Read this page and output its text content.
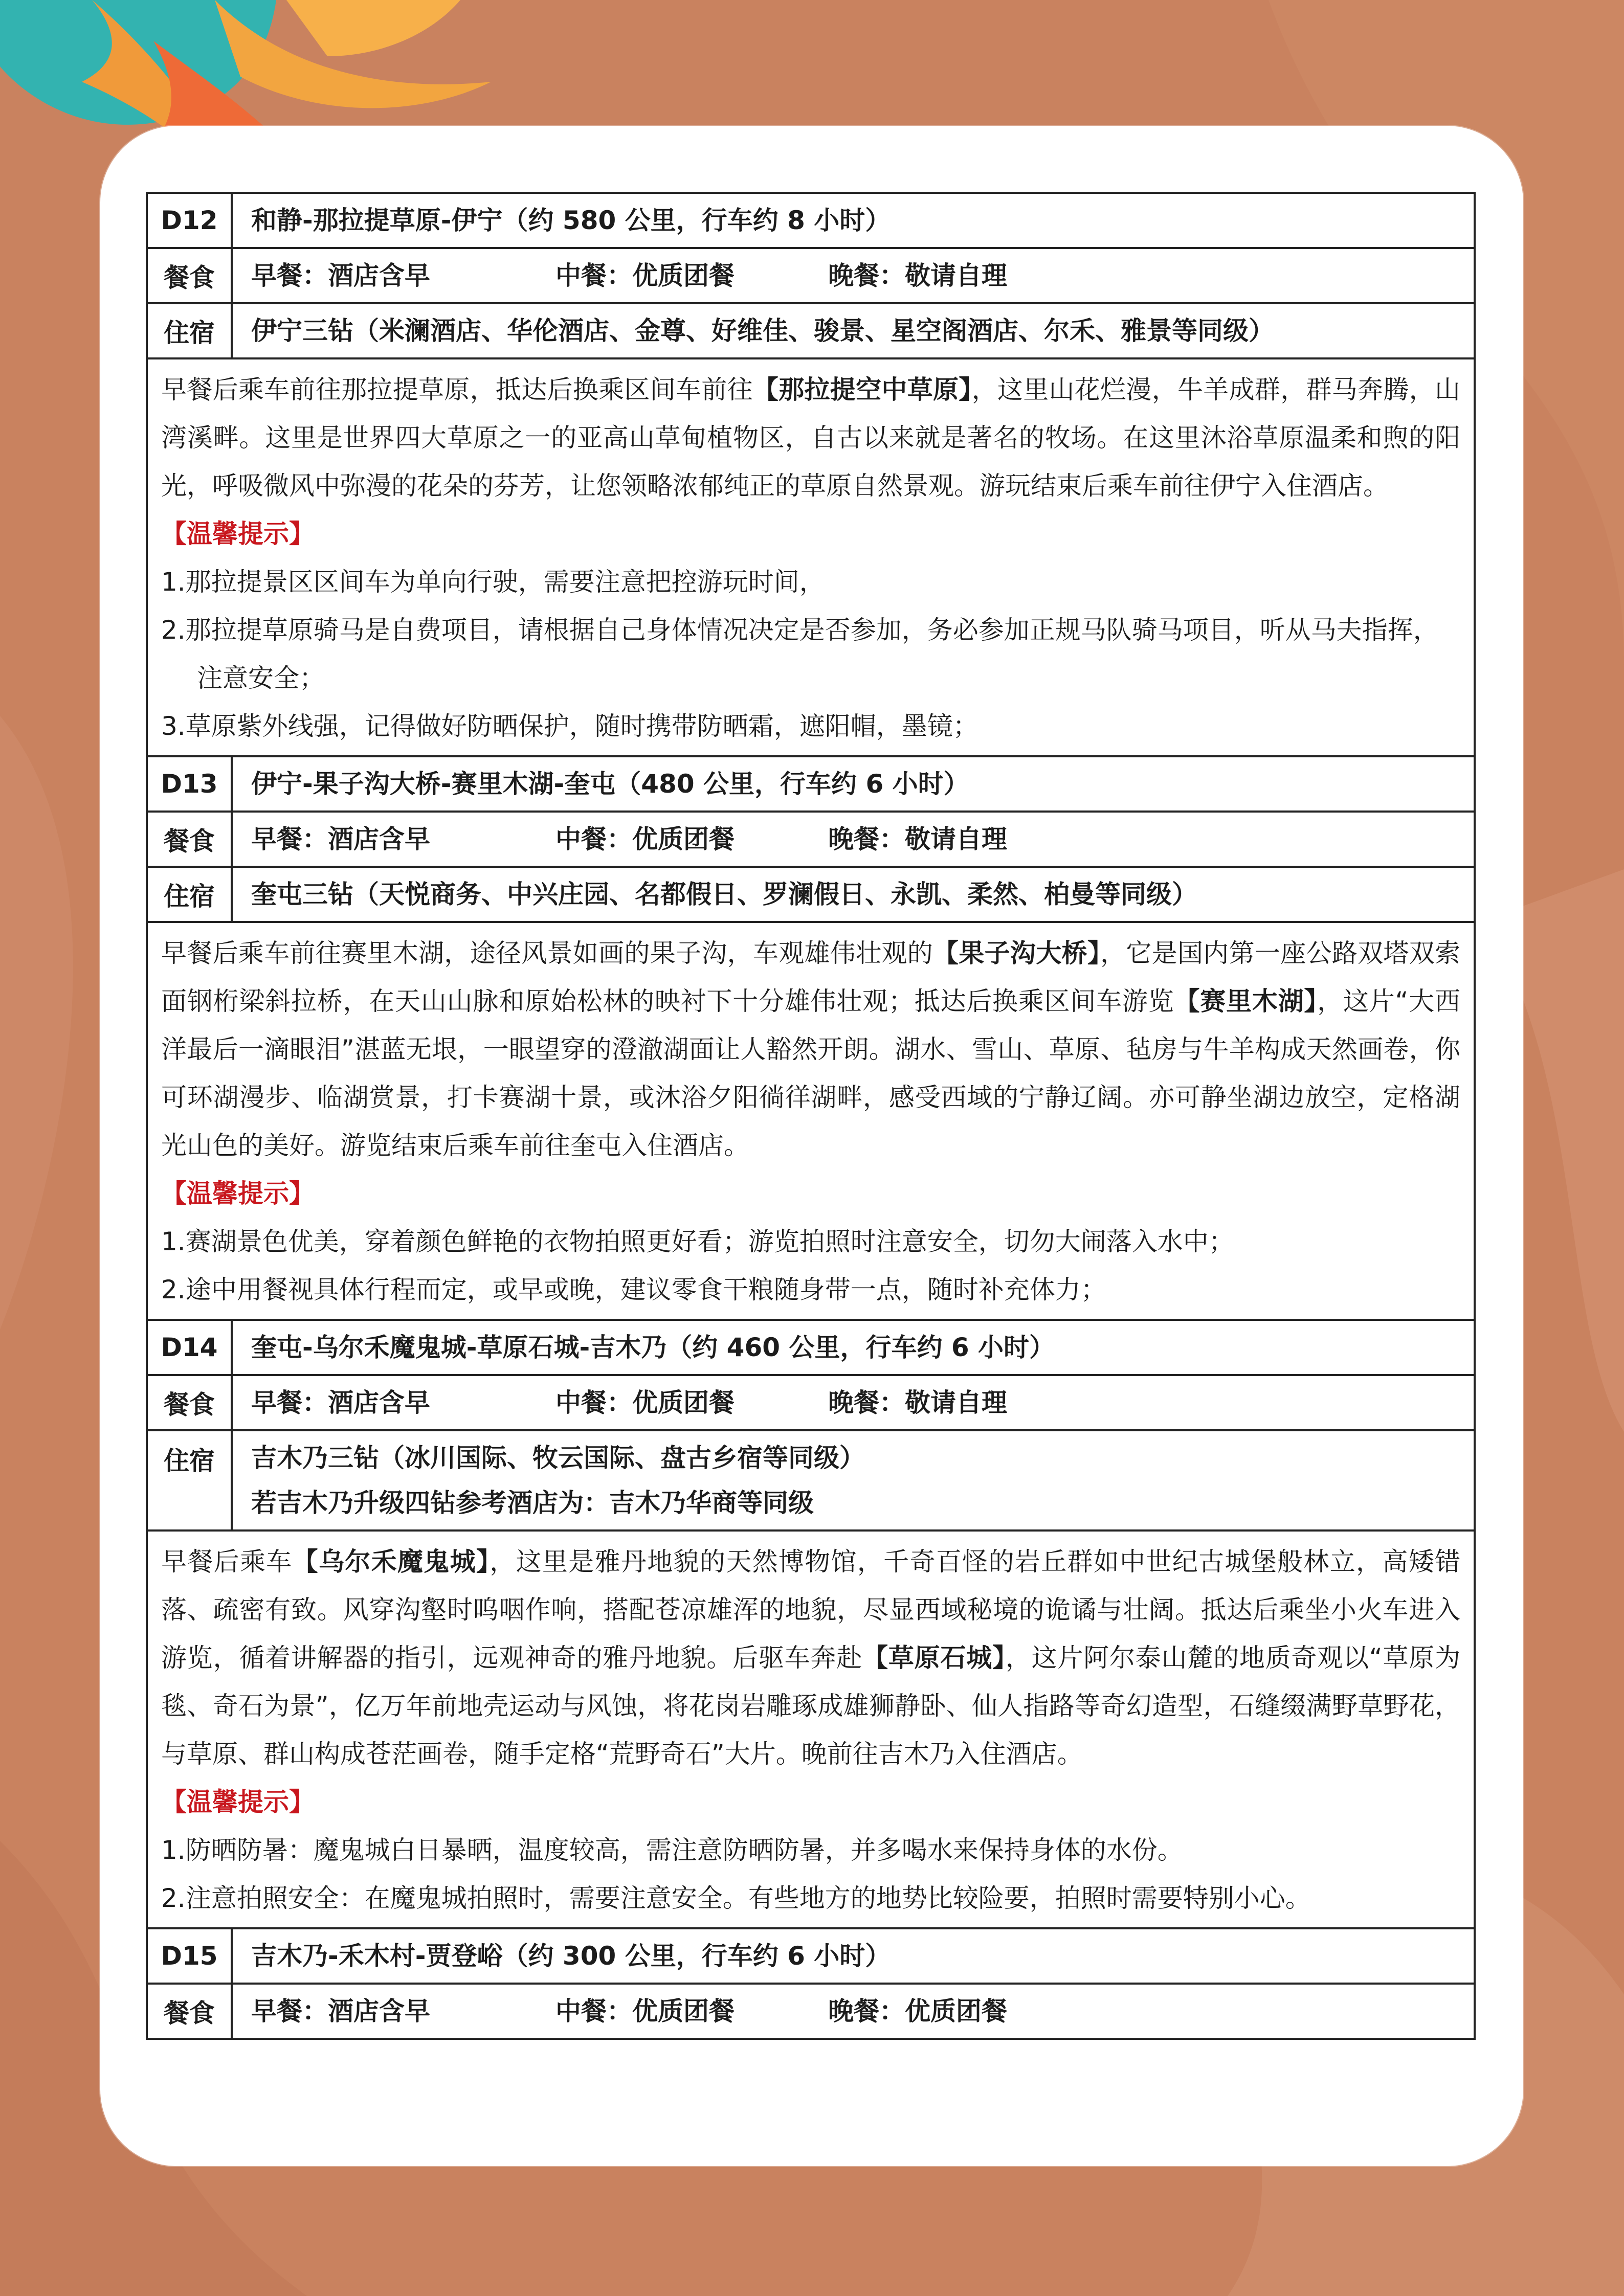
D12	和静-那拉提草原-伊宁（约 580 公里，行车约 8 小时）
餐食	早餐：酒店含早 中餐：优质团餐 晚餐：敬请自理
住宿	伊宁三钻（米澜酒店、华伦酒店、金尊、好维佳、骏景、星空阁酒店、尔禾、雅景等同级）

早餐后乘车前往那拉提草原，抵达后换乘区间车前往【那拉提空中草原】，这里山花烂漫，牛羊成群，群马奔腾，山湾溪畔。这里是世界四大草原之一的亚高山草甸植物区，自古以来就是著名的牧场。在这里沐浴草原温柔和煦的阳光，呼吸微风中弥漫的花朵的芬芳，让您领略浓郁纯正的草原自然景观。游玩结束后乘车前往伊宁入住酒店。

【温馨提示】

1.那拉提景区区间车为单向行驶，需要注意把控游玩时间，

2.那拉提草原骑马是自费项目，请根据自己身体情况决定是否参加，务必参加正规马队骑马项目，听从马夫指挥，注意安全；

3.草原紫外线强，记得做好防晒保护，随时携带防晒霜，遮阳帽，墨镜；	

D13	伊宁-果子沟大桥-赛里木湖-奎屯（480 公里，行车约 6 小时）
餐食	早餐：酒店含早 中餐：优质团餐 晚餐：敬请自理
住宿	奎屯三钻（天悦商务、中兴庄园、名都假日、罗澜假日、永凯、柔然、柏曼等同级）

早餐后乘车前往赛里木湖，途径风景如画的果子沟，车观雄伟壮观的【果子沟大桥】，它是国内第一座公路双塔双索面钢桁梁斜拉桥，在天山山脉和原始松林的映衬下十分雄伟壮观；抵达后换乘区间车游览【赛里木湖】，这片“大西洋最后一滴眼泪”湛蓝无垠，一眼望穿的澄澈湖面让人豁然开朗。湖水、雪山、草原、毡房与牛羊构成天然画卷，你可环湖漫步、临湖赏景，打卡赛湖十景，或沐浴夕阳徜徉湖畔，感受西域的宁静辽阔。亦可静坐湖边放空，定格湖光山色的美好。游览结束后乘车前往奎屯入住酒店。

【温馨提示】

1.赛湖景色优美，穿着颜色鲜艳的衣物拍照更好看；游览拍照时注意安全，切勿大闹落入水中；

2.途中用餐视具体行程而定，或早或晚，建议零食干粮随身带一点，随时补充体力；	

D14	奎屯-乌尔禾魔鬼城-草原石城-吉木乃（约 460 公里，行车约 6 小时）
餐食	早餐：酒店含早 中餐：优质团餐 晚餐：敬请自理
住宿	吉木乃三钻（冰川国际、牧云国际、盘古乡宿等同级）
若吉木乃升级四钻参考酒店为：吉木乃华商等同级

早餐后乘车【乌尔禾魔鬼城】，这里是雅丹地貌的天然博物馆，千奇百怪的岩丘群如中世纪古城堡般林立，高矮错落、疏密有致。风穿沟壑时呜咽作响，搭配苍凉雄浑的地貌，尽显西域秘境的诡谲与壮阔。抵达后乘坐小火车进入游览，循着讲解器的指引，远观神奇的雅丹地貌。后驱车奔赴【草原石城】，这片阿尔泰山麓的地质奇观以“草原为毯、奇石为景”，亿万年前地壳运动与风蚀，将花岗岩雕琢成雄狮静卧、仙人指路等奇幻造型，石缝缀满野草野花，与草原、群山构成苍茫画卷，随手定格“荒野奇石”大片。晚前往吉木乃入住酒店。

【温馨提示】

1.防晒防暑：魔鬼城白日暴晒，温度较高，需注意防晒防暑，并多喝水来保持身体的水份。

2.注意拍照安全：在魔鬼城拍照时，需要注意安全。有些地方的地势比较险要，拍照时需要特别小心。	

D15	吉木乃-禾木村-贾登峪（约 300 公里，行车约 6 小时）
餐食	早餐：酒店含早 中餐：优质团餐 晚餐：优质团餐
